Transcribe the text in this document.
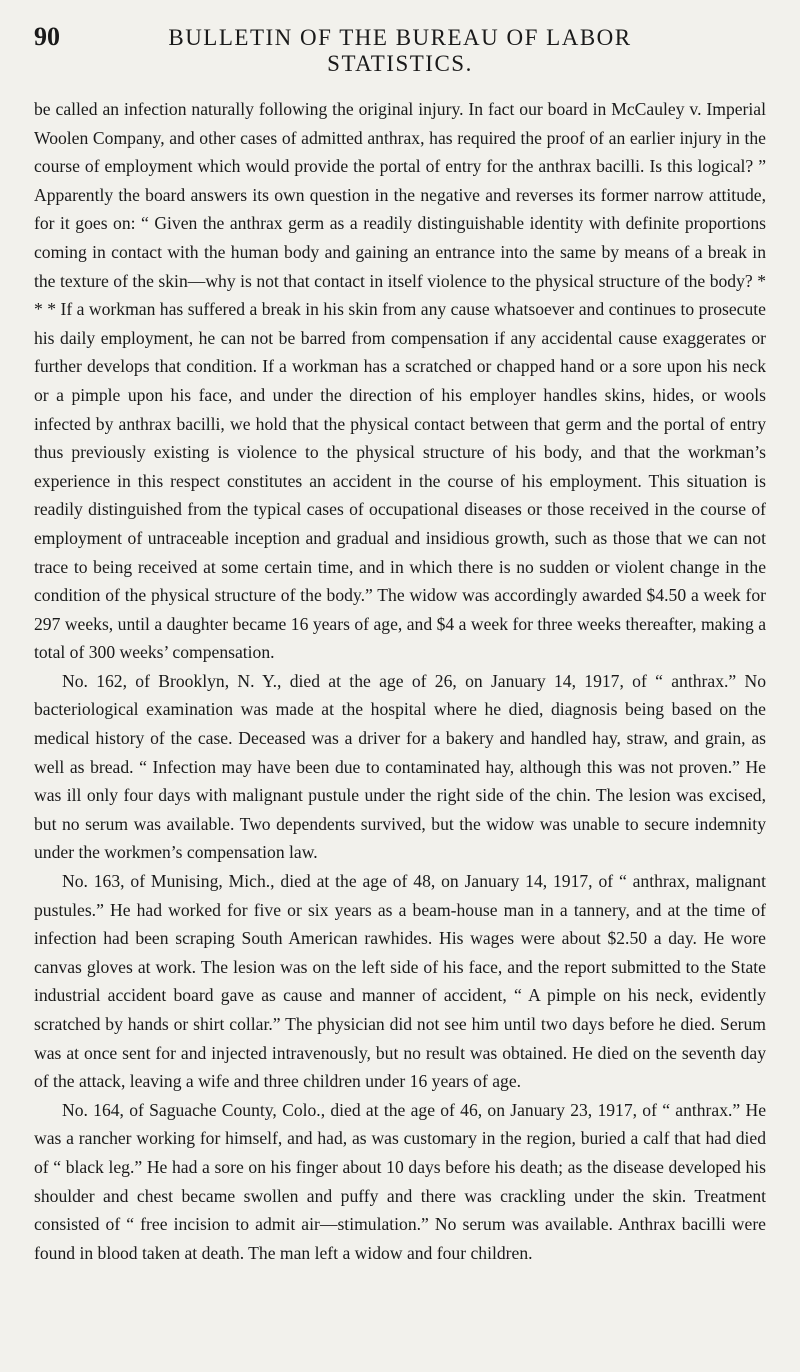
90	BULLETIN OF THE BUREAU OF LABOR STATISTICS.

be called an infection naturally following the original injury. In fact our board in McCauley v. Imperial Woolen Company, and other cases of admitted anthrax, has required the proof of an earlier injury in the course of employment which would provide the portal of entry for the anthrax bacilli. Is this logical? ” Apparently the board answers its own question in the negative and reverses its former narrow attitude, for it goes on: “ Given the anthrax germ as a readily distinguishable identity with definite proportions coming in contact with the human body and gaining an entrance into the same by means of a break in the texture of the skin—why is not that contact in itself violence to the physical structure of the body? * * * If a workman has suffered a break in his skin from any cause whatsoever and continues to prosecute his daily employment, he can not be barred from compensation if any accidental cause exaggerates or further develops that condition. If a workman has a scratched or chapped hand or a sore upon his neck or a pimple upon his face, and under the direction of his employer handles skins, hides, or wools infected by anthrax bacilli, we hold that the physical contact between that germ and the portal of entry thus previously existing is violence to the physical structure of his body, and that the workman’s experience in this respect constitutes an accident in the course of his employment. This situation is readily distinguished from the typical cases of occupational diseases or those received in the course of employment of untraceable inception and gradual and insidious growth, such as those that we can not trace to being received at some certain time, and in which there is no sudden or violent change in the condition of the physical structure of the body.” The widow was accordingly awarded $4.50 a week for 297 weeks, until a daughter became 16 years of age, and $4 a week for three weeks thereafter, making a total of 300 weeks’ compensation.

No. 162, of Brooklyn, N. Y., died at the age of 26, on January 14, 1917, of “ anthrax.” No bacteriological examination was made at the hospital where he died, diagnosis being based on the medical history of the case. Deceased was a driver for a bakery and handled hay, straw, and grain, as well as bread. “ Infection may have been due to contaminated hay, although this was not proven.” He was ill only four days with malignant pustule under the right side of the chin. The lesion was excised, but no serum was available. Two dependents survived, but the widow was unable to secure indemnity under the workmen’s compensation law.

No. 163, of Munising, Mich., died at the age of 48, on January 14, 1917, of “ anthrax, malignant pustules.” He had worked for five or six years as a beam-house man in a tannery, and at the time of infection had been scraping South American rawhides. His wages were about $2.50 a day. He wore canvas gloves at work. The lesion was on the left side of his face, and the report submitted to the State industrial accident board gave as cause and manner of accident, “ A pimple on his neck, evidently scratched by hands or shirt collar.” The physician did not see him until two days before he died. Serum was at once sent for and injected intravenously, but no result was obtained. He died on the seventh day of the attack, leaving a wife and three children under 16 years of age.

No. 164, of Saguache County, Colo., died at the age of 46, on January 23, 1917, of “ anthrax.” He was a rancher working for himself, and had, as was customary in the region, buried a calf that had died of “ black leg.” He had a sore on his finger about 10 days before his death; as the disease developed his shoulder and chest became swollen and puffy and there was crackling under the skin. Treatment consisted of “ free incision to admit air—stimulation.” No serum was available. Anthrax bacilli were found in blood taken at death. The man left a widow and four children.
